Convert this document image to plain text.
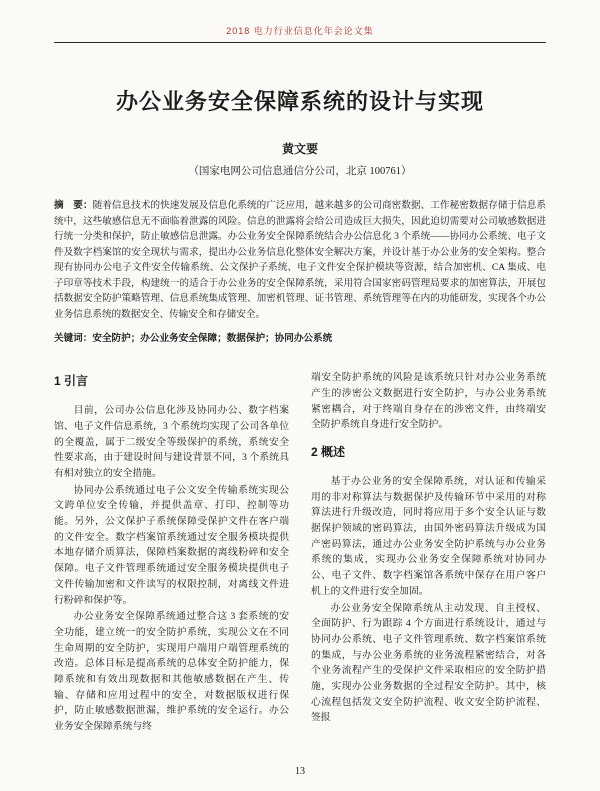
2018 电力行业信息化年会论文集
办公业务安全保障系统的设计与实现
黄文要
（国家电网公司信息通信分公司，北京 100761）

摘　要：随着信息技术的快速发展及信息化系统的广泛应用，越来越多的公司商密数据、工作秘密数据存储于信息系统中，这些敏感信息无不面临着泄露的风险。信息的泄露将会给公司造成巨大损失，因此迫切需要对公司敏感数据进行统一分类和保护，防止敏感信息泄露。办公业务安全保障系统结合办公信息化 3 个系统——协同办公系统、电子文件及数字档案馆的安全现状与需求，提出办公业务信息化整体安全解决方案，并设计基于办公业务的安全架构。整合现有协同办公电子文件安全传输系统、公文保护子系统、电子文件安全保护模块等资源，结合加密机、CA 集成、电子印章等技术手段，构建统一的适合于办公业务的安全保障系统，采用符合国家密码管理局要求的加密算法，开展包括数据安全防护策略管理、信息系统集成管理、加密机管理、证书管理、系统管理等在内的功能研发，实现各个办公业务信息系统的数据安全、传输安全和存储安全。

关键词：安全防护；办公业务安全保障；数据保护；协同办公系统

1 引言

目前，公司办公信息化涉及协同办公、数字档案馆、电子文件信息系统，3 个系统均实现了公司各单位的全覆盖，属于二级安全等级保护的系统，系统安全性要求高，由于建设时间与建设背景不同，3 个系统具有相对独立的安全措施。

协同办公系统通过电子公文安全传输系统实现公文跨单位安全传输，并提供盖章、打印、控制等功能。另外，公文保护子系统保障受保护文件在客户端的文件安全。数字档案馆系统通过安全服务模块提供本地存储介质算法，保障档案数据的离线粉碎和安全保障。电子文件管理系统通过安全服务模块提供电子文件传输加密和文件读写的权限控制，对离线文件进行粉碎和保护等。

办公业务安全保障系统通过整合这 3 套系统的安全功能，建立统一的安全防护系统，实现公文在不同生命周期的安全防护，实现用户端用户端管理系统的改造。总体目标是提高系统的总体安全防护能力，保障系统和有效出现数据和其他敏感数据在产生、传输、存储和应用过程中的安全，对数据版权进行保护，防止敏感数据泄漏，维护系统的安全运行。办公业务安全保障系统与终

端安全防护系统的风险是该系统只针对办公业务系统产生的涉密公文数据进行安全防护，与办公业务系统紧密耦合，对于终端自身存在的涉密文件，由终端安全防护系统自身进行安全防护。

2 概述

基于办公业务的安全保障系统，对认证和传输采用的非对称算法与数据保护及传输环节中采用的对称算法进行升级改造，同时将应用于多个安全认证与数据保护领域的密码算法，由国外密码算法升级成为国产密码算法，通过办公业务安全防护系统与办公业务系统的集成，实现办公业务安全保障系统对协同办公、电子文件、数字档案馆各系统中保存在用户客户机上的文件进行安全加固。

办公业务安全保障系统从主动发现、自主授权、全面防护、行为跟踪 4 个方面进行系统设计，通过与协同办公系统、电子文件管理系统、数字档案馆系统的集成，与办公业务系统的业务流程紧密结合，对各个业务流程产生的受保护文件采取相应的安全防护措施，实现办公业务数据的全过程安全防护。其中，核心流程包括发文安全防护流程、收文安全防护流程、签报

13
